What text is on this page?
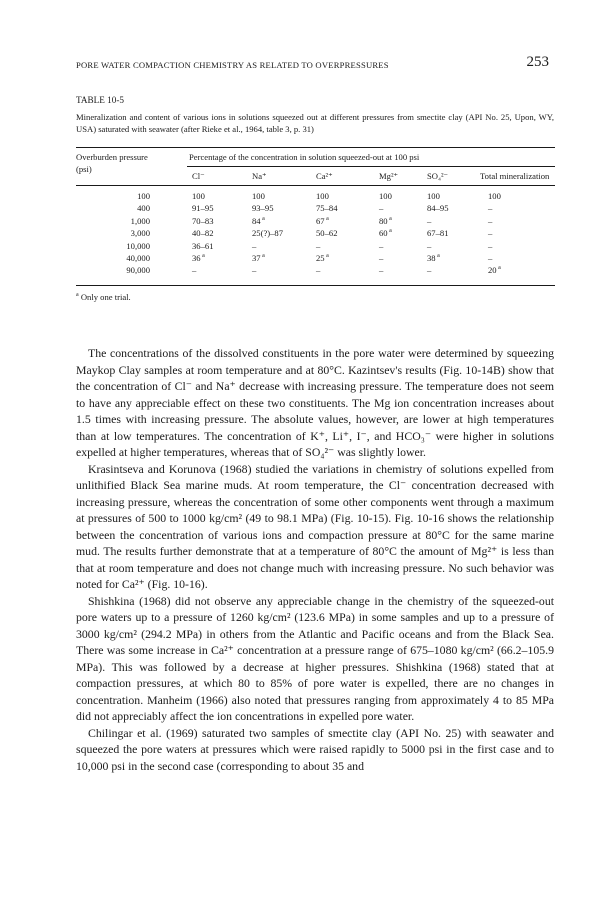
PORE WATER COMPACTION CHEMISTRY AS RELATED TO OVERPRESSURES	253
TABLE 10-5
Mineralization and content of various ions in solutions squeezed out at different pressures from smectite clay (API No. 25, Upon, WY, USA) saturated with seawater (after Rieke et al., 1964, table 3, p. 31)
Overburden pressure
(psi)
Percentage of the concentration in solution squeezed-out at 100 psi
Cl⁻	Na⁺	Ca²⁺	Mg²⁺	SO₄²⁻	Total mineralization
100	100	100	100	100	100	100
400	91–95	93–95	75–84	–	84–95	–
1,000	70–83	84 $^a$	67 $^a$	80 $^a$	–	–
3,000	40–82	25(?)–87	50–62	60 $^a$	67–81	–
10,000	36–61	–	–	–	–	–
40,000	36 $^a$	37 $^a$	25 $^a$	–	38 $^a$	–
90,000	–	–	–	–	–	20 $^a$
$^a$ Only one trial.

The concentrations of the dissolved constituents in the pore water were determined by squeezing Maykop Clay samples at room temperature and at 80°C. Kazintsev's results (Fig. 10-14B) show that the concentration of Cl⁻ and Na⁺ decrease with increasing pressure. The temperature does not seem to have any appreciable effect on these two constituents. The Mg ion concentration increases about 1.5 times with increasing pressure. The absolute values, however, are lower at high temperatures than at low temperatures. The concentration of K⁺, Li⁺, I⁻, and HCO₃⁻ were higher in solutions expelled at higher temperatures, whereas that of SO₄²⁻ was slightly lower.

Krasintseva and Korunova (1968) studied the variations in chemistry of solutions expelled from unlithified Black Sea marine muds. At room temperature, the Cl⁻ concentration decreased with increasing pressure, whereas the concentration of some other components went through a maximum at pressures of 500 to 1000 kg/cm² (49 to 98.1 MPa) (Fig. 10-15). Fig. 10-16 shows the relationship between the concentration of various ions and compaction pressure at 80°C for the same marine mud. The results further demonstrate that at a temperature of 80°C the amount of Mg²⁺ is less than that at room temperature and does not change much with increasing pressure. No such behavior was noted for Ca²⁺ (Fig. 10-16).

Shishkina (1968) did not observe any appreciable change in the chemistry of the squeezed-out pore waters up to a pressure of 1260 kg/cm² (123.6 MPa) in some samples and up to a pressure of 3000 kg/cm² (294.2 MPa) in others from the Atlantic and Pacific oceans and from the Black Sea. There was some increase in Ca²⁺ concentration at a pressure range of 675–1080 kg/cm² (66.2–105.9 MPa). This was followed by a decrease at higher pressures. Shishkina (1968) stated that at compaction pressures, at which 80 to 85% of pore water is expelled, there are no changes in concentration. Manheim (1966) also noted that pressures ranging from approximately 4 to 85 MPa did not appreciably affect the ion concentrations in expelled pore water.

Chilingar et al. (1969) saturated two samples of smectite clay (API No. 25) with seawater and squeezed the pore waters at pressures which were raised rapidly to 5000 psi in the first case and to 10,000 psi in the second case (corresponding to about 35 and
